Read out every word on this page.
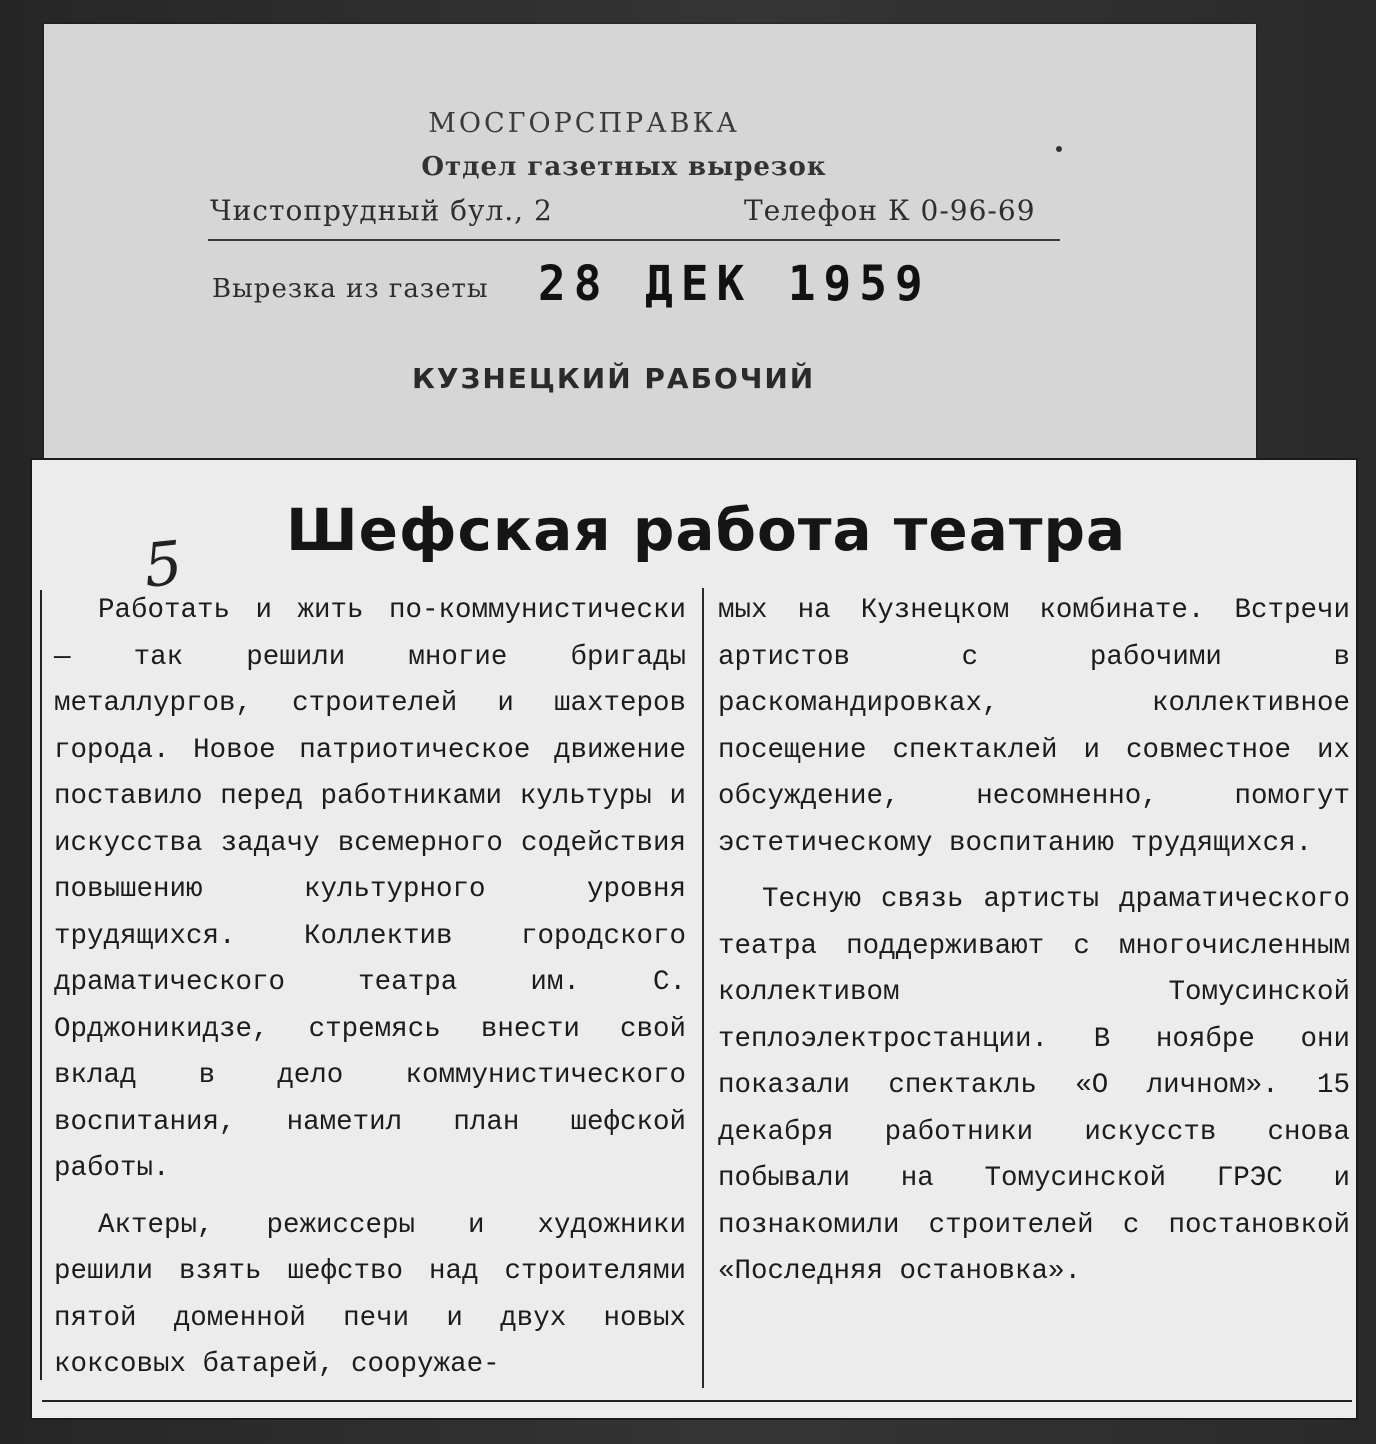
МОСГОРСПРАВКА
Отдел газетных вырезок
Чистопрудный бул., 2	Телефон К 0-96-69
Вырезка из газеты 28 ДЕК 1959
КУЗНЕЦКИЙ РАБОЧИЙ
5 Шефская работа театра

Работать и жить по-коммунистически — так решили многие бригады металлургов, строителей и шахтеров города. Новое патриотическое движение поставило перед работниками культуры и искусства задачу всемерного содействия повышению культурного уровня трудящихся. Коллектив городского драматического театра им. С. Орджоникидзе, стремясь внести свой вклад в дело коммунистического воспитания, наметил план шефской работы.

Актеры, режиссеры и художники решили взять шефство над строителями пятой доменной печи и двух новых коксовых батарей, сооружае-

мых на Кузнецком комбинате. Встречи артистов с рабочими в раскомандировках, коллективное посещение спектаклей и совместное их обсуждение, несомненно, помогут эстетическому воспитанию трудящихся.

Тесную связь артисты драматического театра поддерживают с многочисленным коллективом Томусинской теплоэлектростанции. В ноябре они показали спектакль «О личном». 15 декабря работники искусств снова побывали на Томусинской ГРЭС и познакомили строителей с постановкой «Последняя остановка».
